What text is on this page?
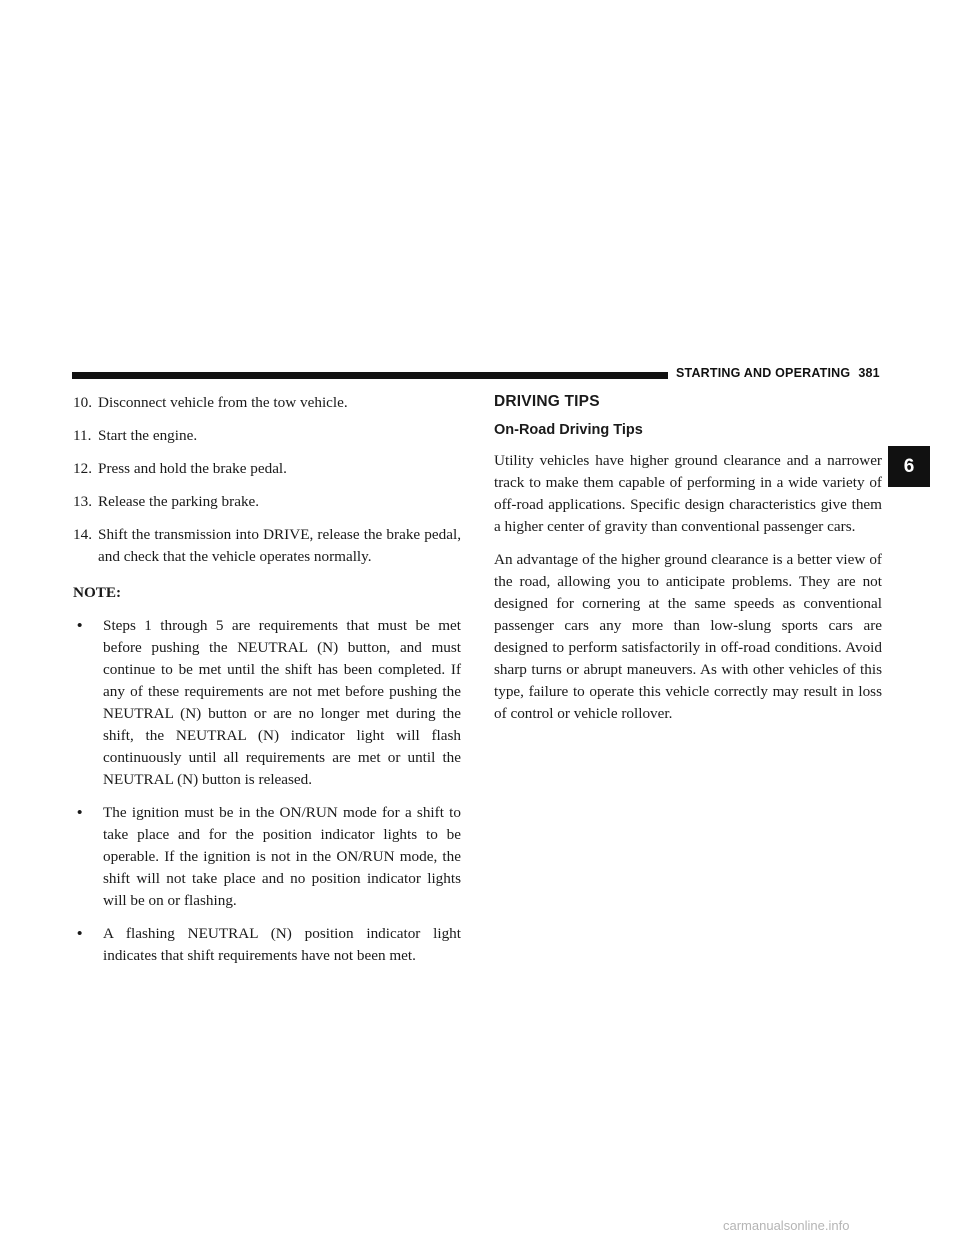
STARTING AND OPERATING 381
10. Disconnect vehicle from the tow vehicle.
11. Start the engine.
12. Press and hold the brake pedal.
13. Release the parking brake.
14. Shift the transmission into DRIVE, release the brake pedal, and check that the vehicle operates normally.
NOTE:
• Steps 1 through 5 are requirements that must be met before pushing the NEUTRAL (N) button, and must continue to be met until the shift has been completed. If any of these requirements are not met before pushing the NEUTRAL (N) button or are no longer met during the shift, the NEUTRAL (N) indicator light will flash continuously until all requirements are met or until the NEUTRAL (N) button is released.
• The ignition must be in the ON/RUN mode for a shift to take place and for the position indicator lights to be operable. If the ignition is not in the ON/RUN mode, the shift will not take place and no position indicator lights will be on or flashing.
• A flashing NEUTRAL (N) position indicator light indicates that shift requirements have not been met.
DRIVING TIPS
On-Road Driving Tips

Utility vehicles have higher ground clearance and a narrower track to make them capable of performing in a wide variety of off-road applications. Specific design characteristics give them a higher center of gravity than conventional passenger cars.

An advantage of the higher ground clearance is a better view of the road, allowing you to anticipate problems. They are not designed for cornering at the same speeds as conventional passenger cars any more than low-slung sports cars are designed to perform satisfactorily in off-road conditions. Avoid sharp turns or abrupt maneuvers. As with other vehicles of this type, failure to operate this vehicle correctly may result in loss of control or vehicle rollover.

6
carmanualsonline.info
